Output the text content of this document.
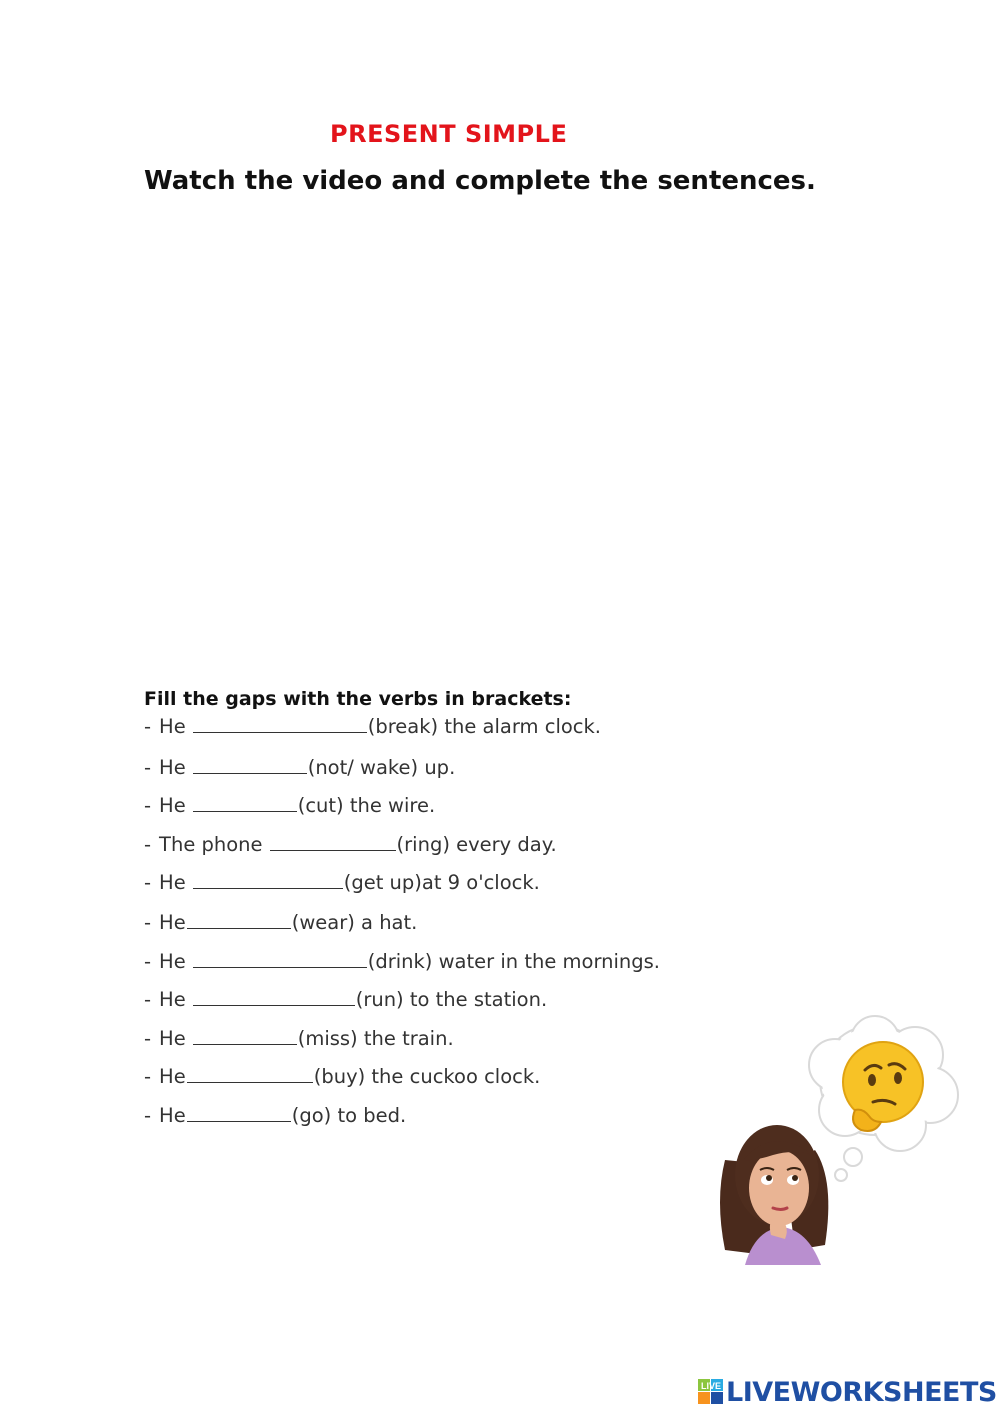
PRESENT SIMPLE
Watch the video and complete the sentences.
Fill the gaps with the verbs in brackets:
- He	(break) the alarm clock.
- He	(not/ wake) up.
- He	(cut) the wire.
- The phone	(ring) every day.
- He	(get up)at 9 o'clock.
- He	(wear) a hat.
- He	(drink) water in the mornings.
- He	(run) to the station.
- He	(miss) the train.
- He	(buy) the cuckoo clock.
- He	(go) to bed.
LIVE LIVEWORKSHEETS
